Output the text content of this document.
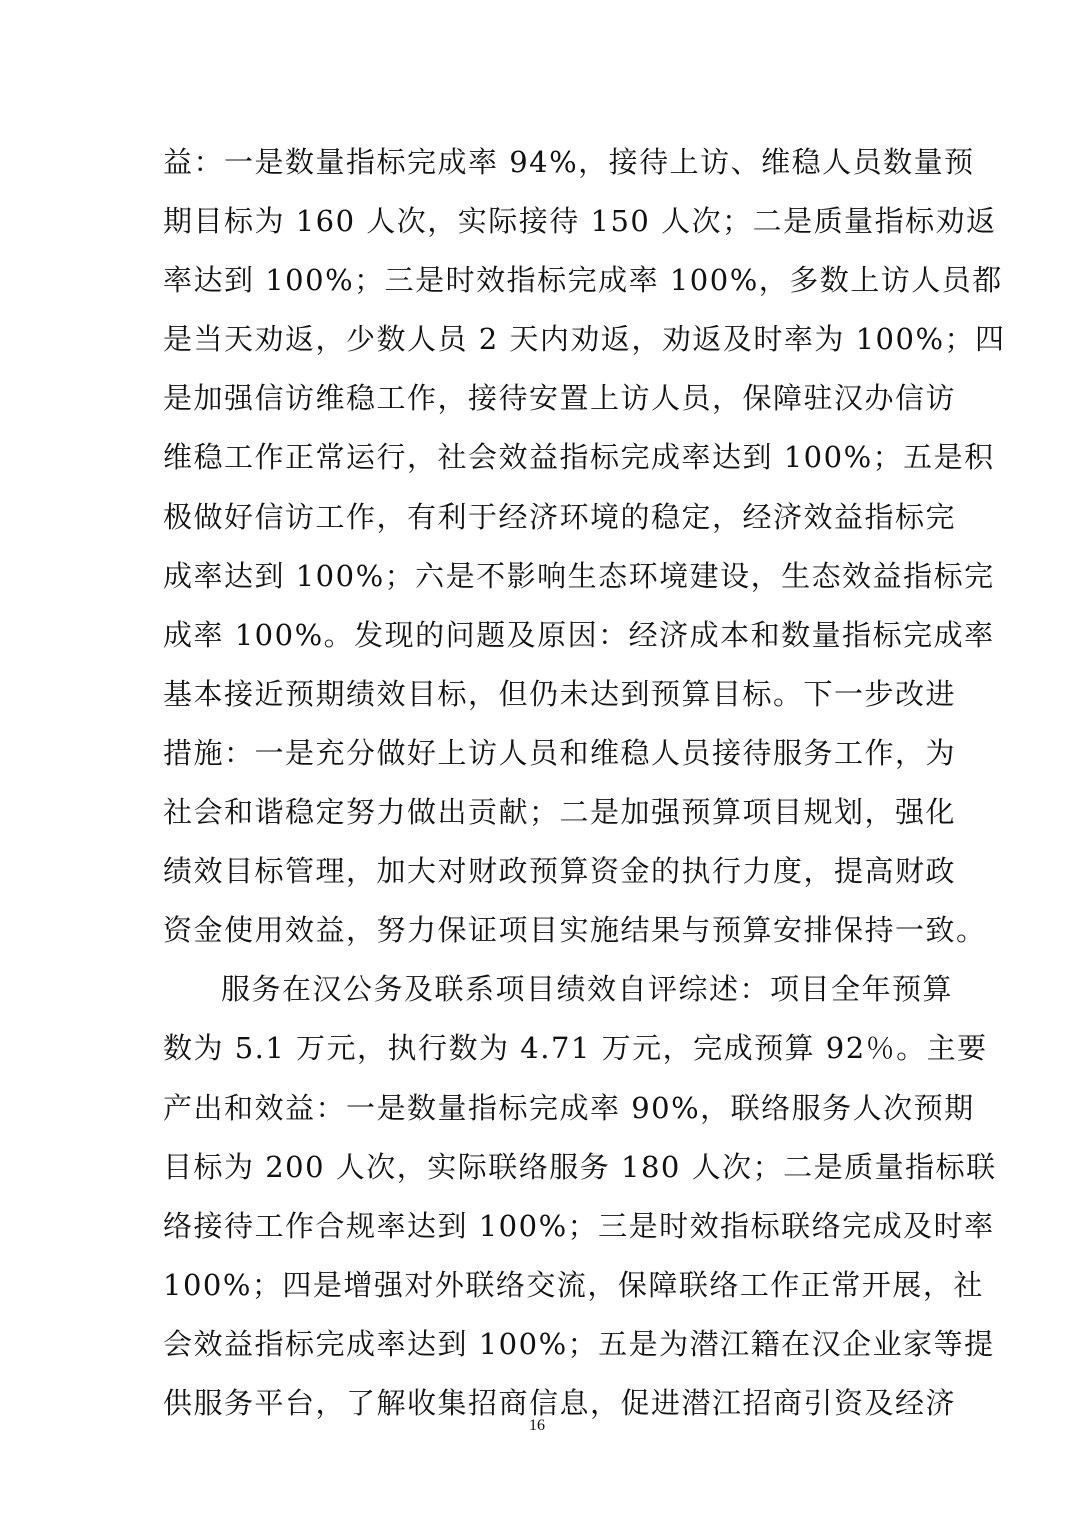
益：一是数量指标完成率 94%，接待上访、维稳人员数量预
期目标为 160 人次，实际接待 150 人次；二是质量指标劝返
率达到 100%；三是时效指标完成率 100%，多数上访人员都
是当天劝返，少数人员 2 天内劝返，劝返及时率为 100%；四
是加强信访维稳工作，接待安置上访人员，保障驻汉办信访
维稳工作正常运行，社会效益指标完成率达到 100%；五是积
极做好信访工作，有利于经济环境的稳定，经济效益指标完
成率达到 100%；六是不影响生态环境建设，生态效益指标完
成率 100%。发现的问题及原因：经济成本和数量指标完成率
基本接近预期绩效目标，但仍未达到预算目标。下一步改进
措施：一是充分做好上访人员和维稳人员接待服务工作，为
社会和谐稳定努力做出贡献；二是加强预算项目规划，强化
绩效目标管理，加大对财政预算资金的执行力度，提高财政
资金使用效益，努力保证项目实施结果与预算安排保持一致。
服务在汉公务及联系项目绩效自评综述：项目全年预算
数为 5.1 万元，执行数为 4.71 万元，完成预算 92％。主要
产出和效益：一是数量指标完成率 90%，联络服务人次预期
目标为 200 人次，实际联络服务 180 人次；二是质量指标联
络接待工作合规率达到 100%；三是时效指标联络完成及时率
100%；四是增强对外联络交流，保障联络工作正常开展，社
会效益指标完成率达到 100%；五是为潜江籍在汉企业家等提
供服务平台，了解收集招商信息，促进潜江招商引资及经济
16
